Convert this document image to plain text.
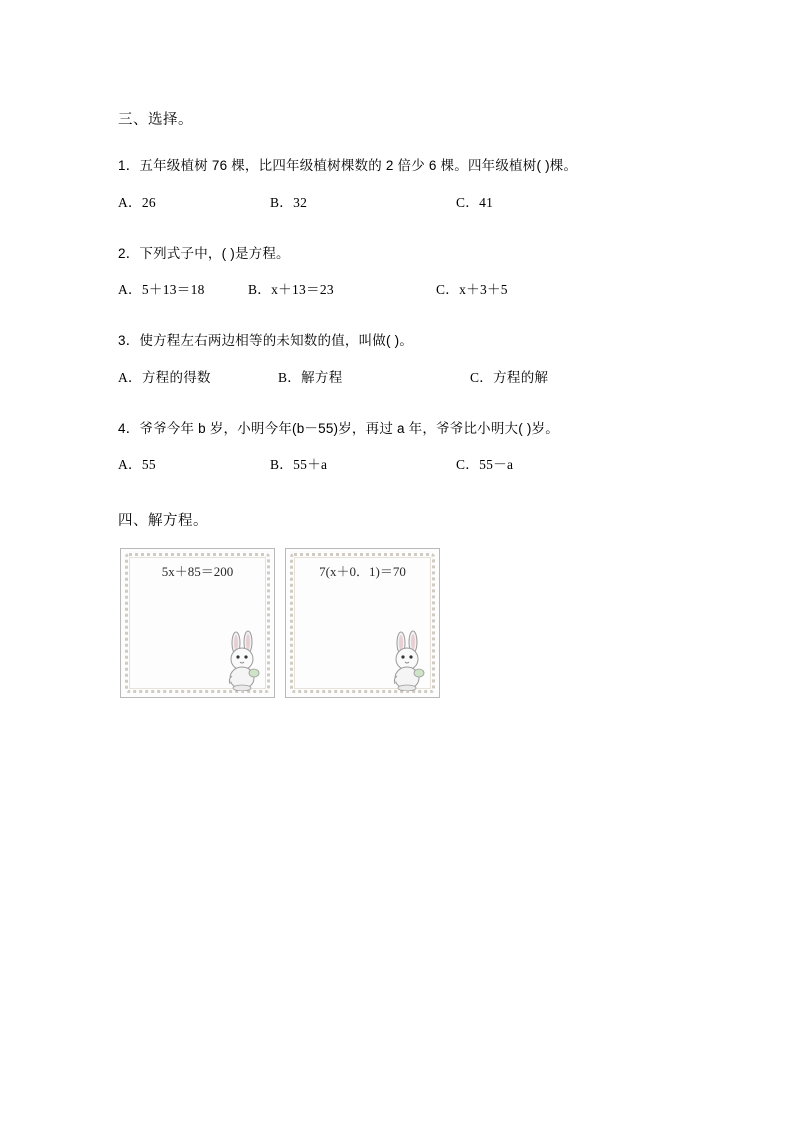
三、选择。
1．五年级植树 76 棵，比四年级植树棵数的 2 倍少 6 棵。四年级植树( )棵。
A．26	B．32	C．41
2．下列式子中，( )是方程。
A．5＋13＝18	B．x＋13＝23	C．x＋3＋5
3．使方程左右两边相等的未知数的值，叫做( )。
A．方程的得数	B．解方程	C．方程的解
4．爷爷今年 b 岁，小明今年(b－55)岁，再过 a 年，爷爷比小明大( )岁。
A．55	B．55＋a	C．55－a
四、解方程。
5x＋85＝200	7(x＋0．1)＝70
